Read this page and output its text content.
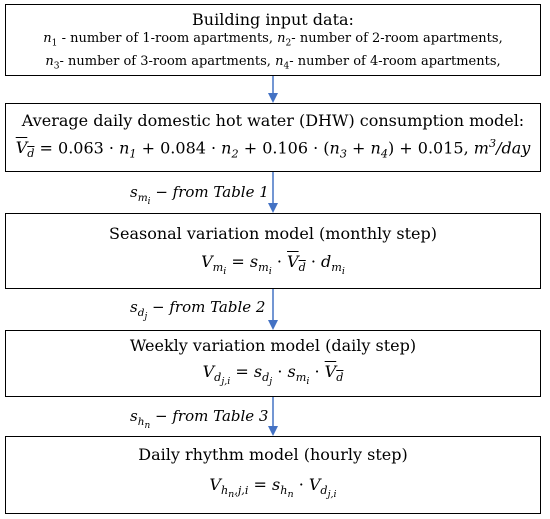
Building input data:
$n_1$ - number of 1-room apartments, $n_2-$ number of 2-room apartments,
$n_3-$ number of 3-room apartments, $n_4-$ number of 4-room apartments,
Average daily domestic hot water (DHW) consumption model:
$V_d = 0.063 \cdot n_1 + 0.084 \cdot n_2 + 0.106 \cdot (n_3 + n_4) + 0.015$, $m^3$/day
$s_{m_i}$ − from Table 1
Seasonal variation model (monthly step)
$V_{m_i} = s_{m_i} \cdot V_d \cdot d_{m_i}$
$s_{d_j}$ − from Table 2
Weekly variation model (daily step)
$V_{d_{j,i}} = s_{d_j} \cdot s_{m_i} \cdot V_d$
$s_{h_n}$ − from Table 3
Daily rhythm model (hourly step)
$V_{h_n,j,i} = s_{h_n} \cdot V_{d_{j,i}}$
